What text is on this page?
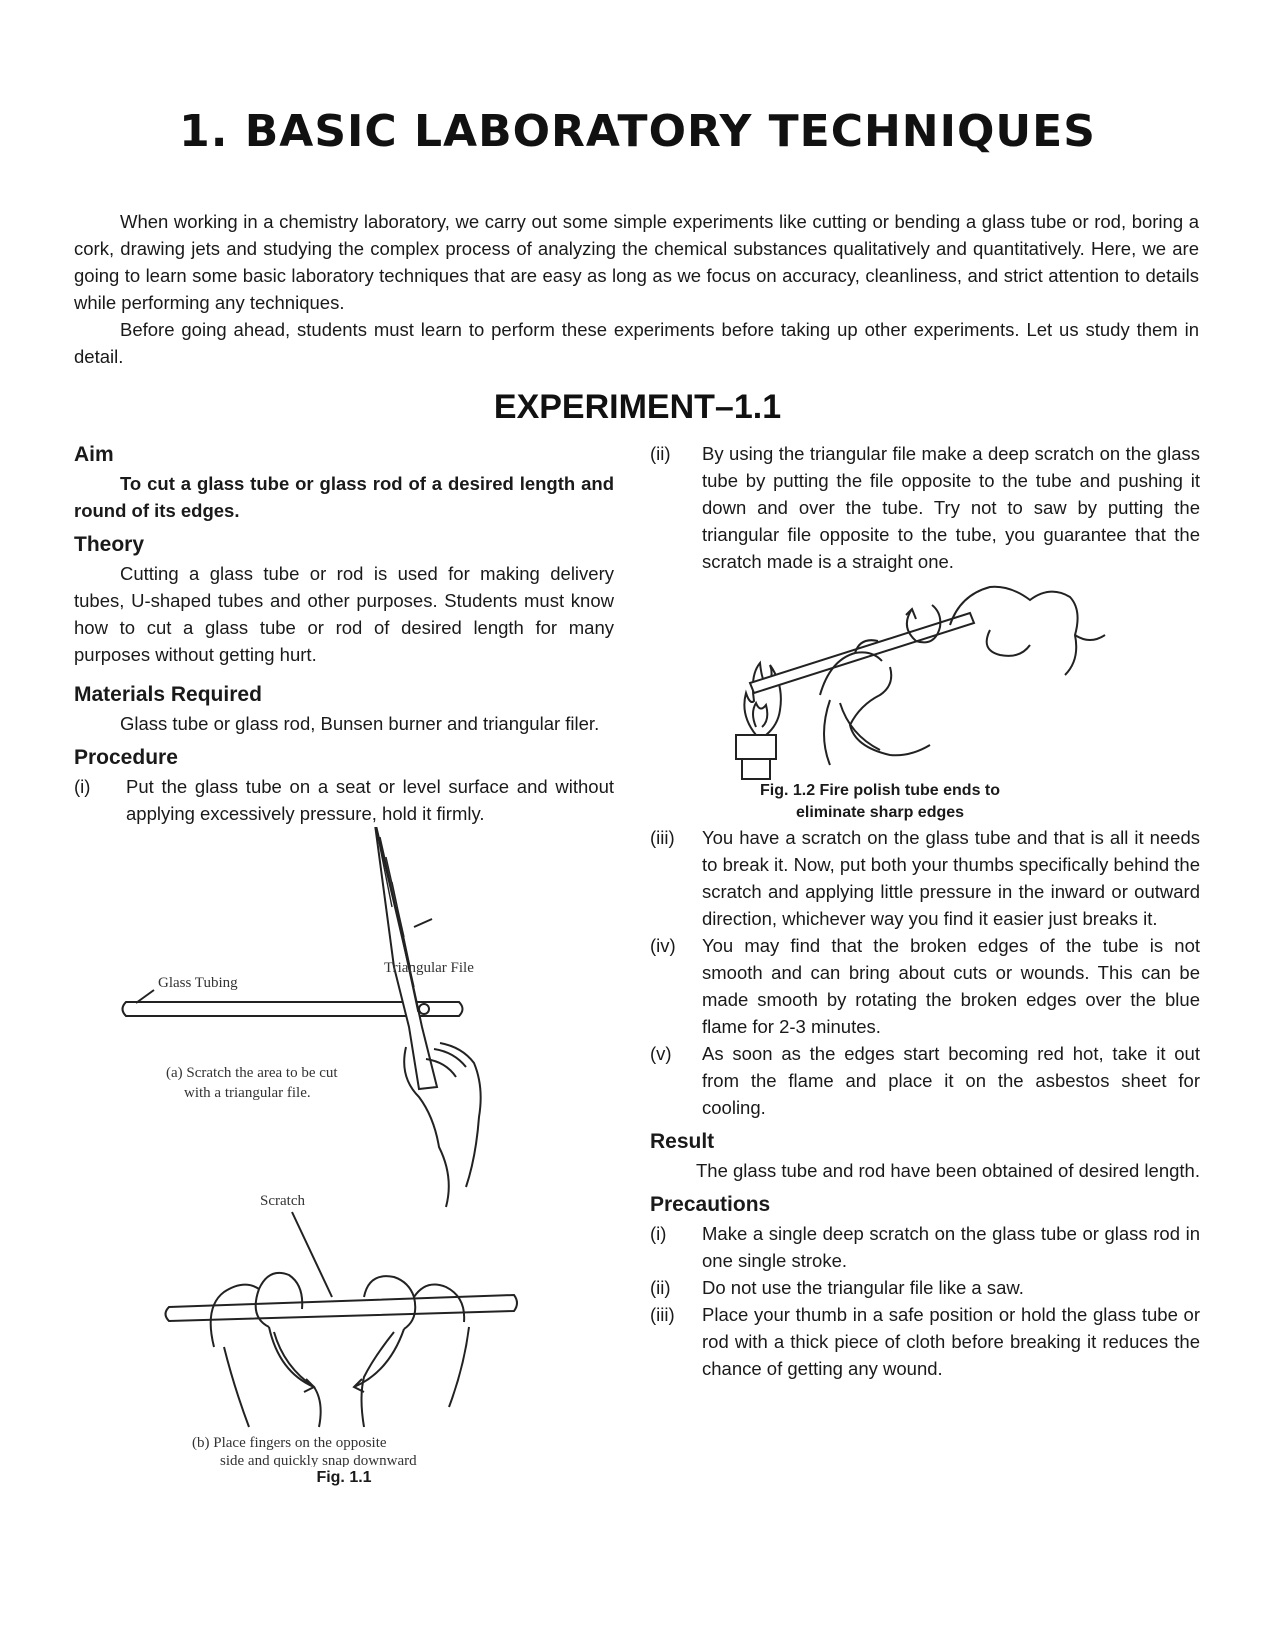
1. BASIC LABORATORY TECHNIQUES

When working in a chemistry laboratory, we carry out some simple experiments like cutting or bending a glass tube or rod, boring a cork, drawing jets and studying the complex process of analyzing the chemical substances qualitatively and quantitatively. Here, we are going to learn some basic laboratory techniques that are easy as long as we focus on accuracy, cleanliness, and strict attention to details while performing any techniques.

Before going ahead, students must learn to perform these experiments before taking up other experiments. Let us study them in detail.

EXPERIMENT–1.1
Aim

To cut a glass tube or glass rod of a desired length and round of its edges.

Theory

Cutting a glass tube or rod is used for making delivery tubes, U-shaped tubes and other purposes. Students must know how to cut a glass tube or rod of desired length for many purposes without getting hurt.

Materials Required

Glass tube or glass rod, Bunsen burner and triangular filer.

Procedure
(i)	Put the glass tube on a seat or level surface and without applying excessively pressure, hold it firmly.
Triangular File
Glass Tubing
(a) Scratch the area to be cut
with a triangular file.
Scratch
(b) Place fingers on the opposite
side and quickly snap downward
Fig. 1.1
(ii)	By using the triangular file make a deep scratch on the glass tube by putting the file opposite to the tube and pushing it down and over the tube. Try not to saw by putting the triangular file opposite to the tube, you guarantee that the scratch made is a straight one.
Fig. 1.2 Fire polish tube ends to
eliminate sharp edges
(iii)	You have a scratch on the glass tube and that is all it needs to break it. Now, put both your thumbs specifically behind the scratch and applying little pressure in the inward or outward direction, whichever way you find it easier just breaks it.
(iv)	You may find that the broken edges of the tube is not smooth and can bring about cuts or wounds. This can be made smooth by rotating the broken edges over the blue flame for 2-3 minutes.
(v)	As soon as the edges start becoming red hot, take it out from the flame and place it on the asbestos sheet for cooling.
Result

The glass tube and rod have been obtained of desired length.

Precautions
(i)	Make a single deep scratch on the glass tube or glass rod in one single stroke.
(ii)	Do not use the triangular file like a saw.
(iii)	Place your thumb in a safe position or hold the glass tube or rod with a thick piece of cloth before breaking it reduces the chance of getting any wound.
